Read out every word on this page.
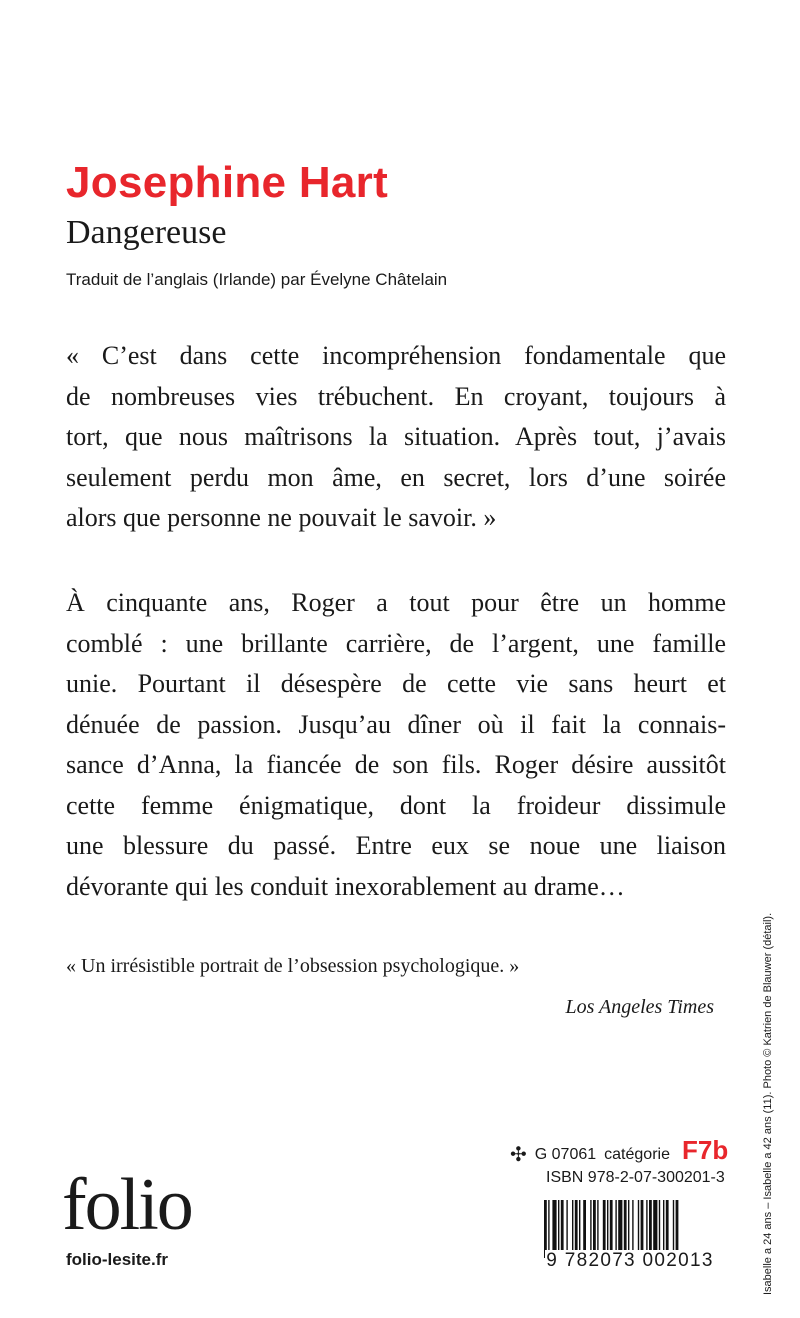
Josephine Hart
Dangereuse

Traduit de l’anglais (Irlande) par Évelyne Châtelain

« C’est dans cette incompréhension fondamentale que
de nombreuses vies trébuchent. En croyant, toujours à
tort, que nous maîtrisons la situation. Après tout, j’avais
seulement perdu mon âme, en secret, lors d’une soirée
alors que personne ne pouvait le savoir. »
À cinquante ans, Roger a tout pour être un homme
comblé : une brillante carrière, de l’argent, une famille
unie. Pourtant il désespère de cette vie sans heurt et
dénuée de passion. Jusqu’au dîner où il fait la connais-
sance d’Anna, la fiancée de son fils. Roger désire aussitôt
cette femme énigmatique, dont la froideur dissimule
une blessure du passé. Entre eux se noue une liaison
dévorante qui les conduit inexorablement au drame…

« Un irrésistible portrait de l’obsession psychologique. »

Los Angeles Times

folio

folio-lesite.fr

✣ G 07061 catégorie F7b
ISBN 978-2-07-300201-3
9 782073 002013	Isabelle a 24 ans – Isabelle a 42 ans (11). Photo © Katrien de Blauwer (détail).
